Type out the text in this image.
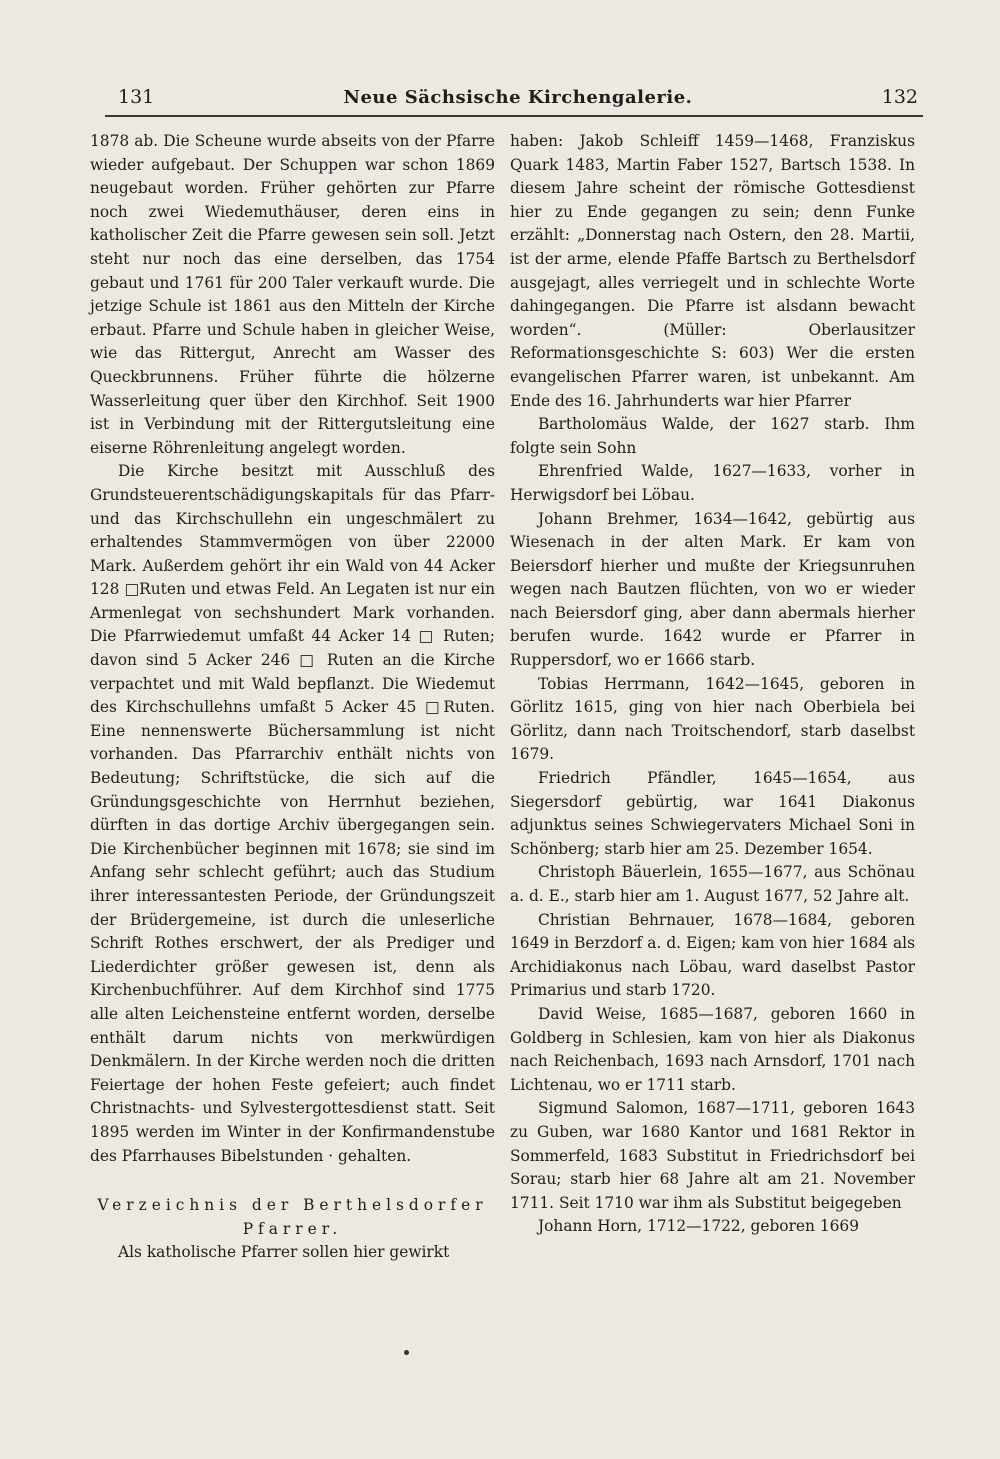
131	Neue Sächsische Kirchengalerie.	132

1878 ab. Die Scheune wurde abseits von der Pfarre wieder aufgebaut. Der Schuppen war schon 1869 neugebaut worden. Früher gehörten zur Pfarre noch zwei Wiedemuthäuser, deren eins in katholischer Zeit die Pfarre gewesen sein soll. Jetzt steht nur noch das eine derselben, das 1754 gebaut und 1761 für 200 Taler verkauft wurde. Die jetzige Schule ist 1861 aus den Mitteln der Kirche erbaut. Pfarre und Schule haben in gleicher Weise, wie das Rittergut, Anrecht am Wasser des Queckbrunnens. Früher führte die hölzerne Wasserleitung quer über den Kirchhof. Seit 1900 ist in Verbindung mit der Rittergutsleitung eine eiserne Röhrenleitung angelegt worden.

Die Kirche besitzt mit Ausschluß des Grundsteuerentschädigungskapitals für das Pfarr- und das Kirchschullehn ein ungeschmälert zu erhaltendes Stammvermögen von über 22000 Mark. Außerdem gehört ihr ein Wald von 44 Acker 128 □Ruten und etwas Feld. An Legaten ist nur ein Armenlegat von sechshundert Mark vorhanden. Die Pfarrwiedemut umfaßt 44 Acker 14 □ Ruten; davon sind 5 Acker 246 □ Ruten an die Kirche verpachtet und mit Wald bepflanzt. Die Wiedemut des Kirchschullehns umfaßt 5 Acker 45 □Ruten. Eine nennenswerte Büchersammlung ist nicht vorhanden. Das Pfarrarchiv enthält nichts von Bedeutung; Schriftstücke, die sich auf die Gründungsgeschichte von Herrnhut beziehen, dürften in das dortige Archiv übergegangen sein. Die Kirchenbücher beginnen mit 1678; sie sind im Anfang sehr schlecht geführt; auch das Studium ihrer interessantesten Periode, der Gründungszeit der Brüdergemeine, ist durch die unleserliche Schrift Rothes erschwert, der als Prediger und Liederdichter größer gewesen ist, denn als Kirchenbuchführer. Auf dem Kirchhof sind 1775 alle alten Leichensteine entfernt worden, derselbe enthält darum nichts von merkwürdigen Denkmälern. In der Kirche werden noch die dritten Feiertage der hohen Feste gefeiert; auch findet Christnachts- und Sylvestergottesdienst statt. Seit 1895 werden im Winter in der Konfirmandenstube des Pfarrhauses Bibelstunden · gehalten.

Verzeichnis der Berthelsdorfer Pfarrer.

Als katholische Pfarrer sollen hier gewirkt

haben: Jakob Schleiff 1459—1468, Franziskus Quark 1483, Martin Faber 1527, Bartsch 1538. In diesem Jahre scheint der römische Gottesdienst hier zu Ende gegangen zu sein; denn Funke erzählt: „Donnerstag nach Ostern, den 28. Martii, ist der arme, elende Pfaffe Bartsch zu Berthelsdorf ausgejagt, alles verriegelt und in schlechte Worte dahingegangen. Die Pfarre ist alsdann bewacht worden“. (Müller: Oberlausitzer Reformationsgeschichte S: 603) Wer die ersten evangelischen Pfarrer waren, ist unbekannt. Am Ende des 16. Jahrhunderts war hier Pfarrer

Bartholomäus Walde, der 1627 starb. Ihm folgte sein Sohn

Ehrenfried Walde, 1627—1633, vorher in Herwigsdorf bei Löbau.

Johann Brehmer, 1634—1642, gebürtig aus Wiesenach in der alten Mark. Er kam von Beiersdorf hierher und mußte der Kriegsunruhen wegen nach Bautzen flüchten, von wo er wieder nach Beiersdorf ging, aber dann abermals hierher berufen wurde. 1642 wurde er Pfarrer in Ruppersdorf, wo er 1666 starb.

Tobias Herrmann, 1642—1645, geboren in Görlitz 1615, ging von hier nach Oberbiela bei Görlitz, dann nach Troitschendorf, starb daselbst 1679.

Friedrich Pfändler, 1645—1654, aus Siegersdorf gebürtig, war 1641 Diakonus adjunktus seines Schwiegervaters Michael Soni in Schönberg; starb hier am 25. Dezember 1654.

Christoph Bäuerlein, 1655—1677, aus Schönau a. d. E., starb hier am 1. August 1677, 52 Jahre alt.

Christian Behrnauer, 1678—1684, geboren 1649 in Berzdorf a. d. Eigen; kam von hier 1684 als Archidiakonus nach Löbau, ward daselbst Pastor Primarius und starb 1720.

David Weise, 1685—1687, geboren 1660 in Goldberg in Schlesien, kam von hier als Diakonus nach Reichenbach, 1693 nach Arnsdorf, 1701 nach Lichtenau, wo er 1711 starb.

Sigmund Salomon, 1687—1711, geboren 1643 zu Guben, war 1680 Kantor und 1681 Rektor in Sommerfeld, 1683 Substitut in Friedrichsdorf bei Sorau; starb hier 68 Jahre alt am 21. November 1711. Seit 1710 war ihm als Substitut beigegeben

Johann Horn, 1712—1722, geboren 1669
